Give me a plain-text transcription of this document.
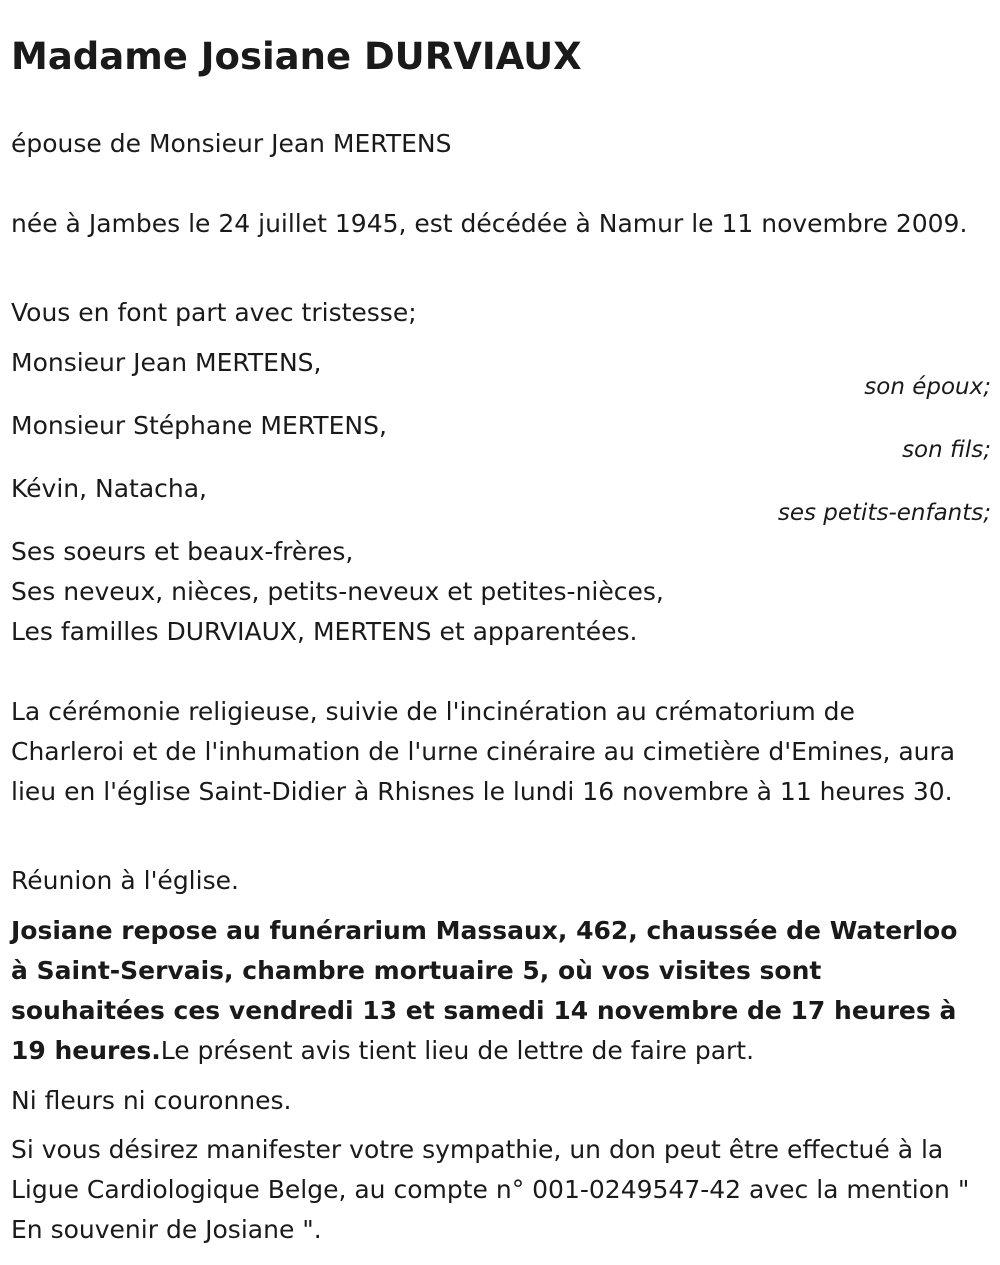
Madame Josiane DURVIAUX

épouse de Monsieur Jean MERTENS

née à Jambes le 24 juillet 1945, est décédée à Namur le 11 novembre 2009.

Vous en font part avec tristesse;

Monsieur Jean MERTENS,

son époux;

Monsieur Stéphane MERTENS,

son fils;

Kévin, Natacha,

ses petits-enfants;

Ses soeurs et beaux-frères,

Ses neveux, nièces, petits-neveux et petites-nièces,

Les familles DURVIAUX, MERTENS et apparentées.

La cérémonie religieuse, suivie de l'incinération au crématorium de Charleroi et de l'inhumation de l'urne cinéraire au cimetière d'Emines, aura lieu en l'église Saint-Didier à Rhisnes le lundi 16 novembre à 11 heures 30.

Réunion à l'église.

Josiane repose au funérarium Massaux, 462, chaussée de Waterloo à Saint-Servais, chambre mortuaire 5, où vos visites sont souhaitées ces vendredi 13 et samedi 14 novembre de 17 heures à 19 heures.Le présent avis tient lieu de lettre de faire part.

Ni fleurs ni couronnes.

Si vous désirez manifester votre sympathie, un don peut être effectué à la Ligue Cardiologique Belge, au compte n° 001-0249547-42 avec la mention " En souvenir de Josiane ".
